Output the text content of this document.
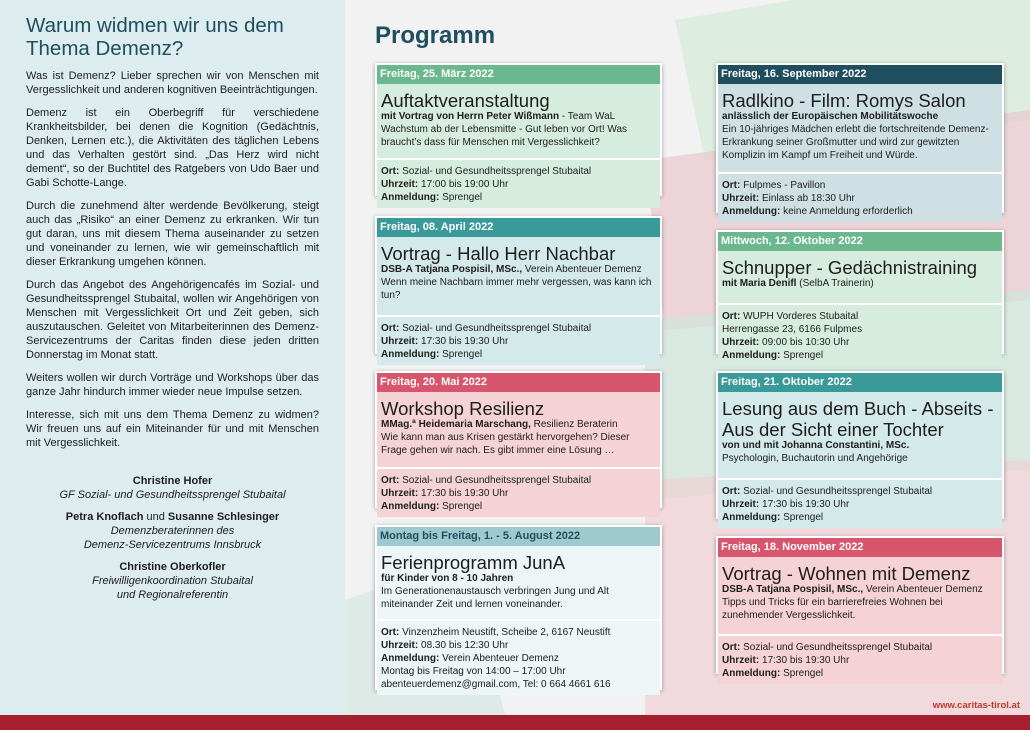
Warum widmen wir uns dem Thema Demenz?

Was ist Demenz? Lieber sprechen wir von Menschen mit Vergesslichkeit und anderen kognitiven Beeinträchtigungen.

Demenz ist ein Oberbegriff für verschiedene Krankheitsbilder, bei denen die Kognition (Gedächtnis, Denken, Lernen etc.), die Aktivitäten des täglichen Lebens und das Verhalten gestört sind. „Das Herz wird nicht dement“, so der Buchtitel des Ratgebers von Udo Baer und Gabi Schotte-Lange.

Durch die zunehmend älter werdende Bevölkerung, steigt auch das „Risiko“ an einer Demenz zu erkranken. Wir tun gut daran, uns mit diesem Thema auseinander zu setzen und voneinander zu lernen, wie wir gemeinschaftlich mit dieser Erkrankung umgehen können.

Durch das Angebot des Angehörigencafés im Sozial- und Gesundheitssprengel Stubaital, wollen wir Angehörigen von Menschen mit Vergesslichkeit Ort und Zeit geben, sich auszutauschen. Geleitet von Mitarbeiterinnen des Demenz-Servicezentrums der Caritas finden diese jeden dritten Donnerstag im Monat statt.

Weiters wollen wir durch Vorträge und Workshops über das ganze Jahr hindurch immer wieder neue Impulse setzen.

Interesse, sich mit uns dem Thema Demenz zu widmen? Wir freuen uns auf ein Miteinander für und mit Menschen mit Vergesslichkeit.

Christine Hofer
GF Sozial- und Gesundheitssprengel Stubaital
Petra Knoflach und Susanne Schlesinger
Demenzberaterinnen des
Demenz-Servicezentrums Innsbruck
Christine Oberkofler
Freiwilligenkoordination Stubaital
und Regionalreferentin
Programm
Freitag, 25. März 2022
Auftaktveranstaltung
mit Vortrag von Herrn Peter Wißmann - Team WaL
Wachstum ab der Lebensmitte - Gut leben vor Ort! Was braucht’s dass für Menschen mit Vergesslichkeit?
Ort: Sozial- und Gesundheitssprengel Stubaital
Uhrzeit: 17:00 bis 19:00 Uhr
Anmeldung: Sprengel
Freitag, 08. April 2022
Vortrag - Hallo Herr Nachbar
DSB-A Tatjana Pospisil, MSc., Verein Abenteuer Demenz
Wenn meine Nachbarn immer mehr vergessen, was kann ich tun?
Ort: Sozial- und Gesundheitssprengel Stubaital
Uhrzeit: 17:30 bis 19:30 Uhr
Anmeldung: Sprengel
Freitag, 20. Mai 2022
Workshop Resilienz
MMag.ª Heidemaria Marschang, Resilienz Beraterin
Wie kann man aus Krisen gestärkt hervorgehen? Dieser Frage gehen wir nach. Es gibt immer eine Lösung …
Ort: Sozial- und Gesundheitssprengel Stubaital
Uhrzeit: 17:30 bis 19:30 Uhr
Anmeldung: Sprengel
Montag bis Freitag, 1. - 5. August 2022
Ferienprogramm JunA
für Kinder von 8 - 10 Jahren
Im Generationenaustausch verbringen Jung und Alt miteinander Zeit und lernen voneinander.
Ort: Vinzenzheim Neustift, Scheibe 2, 6167 Neustift
Uhrzeit: 08.30 bis 12:30 Uhr
Anmeldung: Verein Abenteuer Demenz
Montag bis Freitag von 14:00 – 17:00 Uhr
abenteuerdemenz@gmail.com, Tel: 0 664 4661 616
Freitag, 16. September 2022
Radlkino - Film: Romys Salon
anlässlich der Europäischen Mobilitätswoche
Ein 10-jähriges Mädchen erlebt die fortschreitende Demenz-Erkrankung seiner Großmutter und wird zur gewitzten Komplizin im Kampf um Freiheit und Würde.
Ort: Fulpmes - Pavillon
Uhrzeit: Einlass ab 18:30 Uhr
Anmeldung: keine Anmeldung erforderlich
Mittwoch, 12. Oktober 2022
Schnupper - Gedächnistraining
mit Maria Denifl (SelbA Trainerin)
Ort: WUPH Vorderes Stubaital
Herrengasse 23, 6166 Fulpmes
Uhrzeit: 09:00 bis 10:30 Uhr
Anmeldung: Sprengel
Freitag, 21. Oktober 2022
Lesung aus dem Buch - Abseits - Aus der Sicht einer Tochter
von und mit Johanna Constantini, MSc.
Psychologin, Buchautorin und Angehörige
Ort: Sozial- und Gesundheitssprengel Stubaital
Uhrzeit: 17:30 bis 19:30 Uhr
Anmeldung: Sprengel
Freitag, 18. November 2022
Vortrag - Wohnen mit Demenz
DSB-A Tatjana Pospisil, MSc., Verein Abenteuer Demenz
Tipps und Tricks für ein barrierefreies Wohnen bei zunehmender Vergesslichkeit.
Ort: Sozial- und Gesundheitssprengel Stubaital
Uhrzeit: 17:30 bis 19:30 Uhr
Anmeldung: Sprengel
www.caritas-tirol.at
